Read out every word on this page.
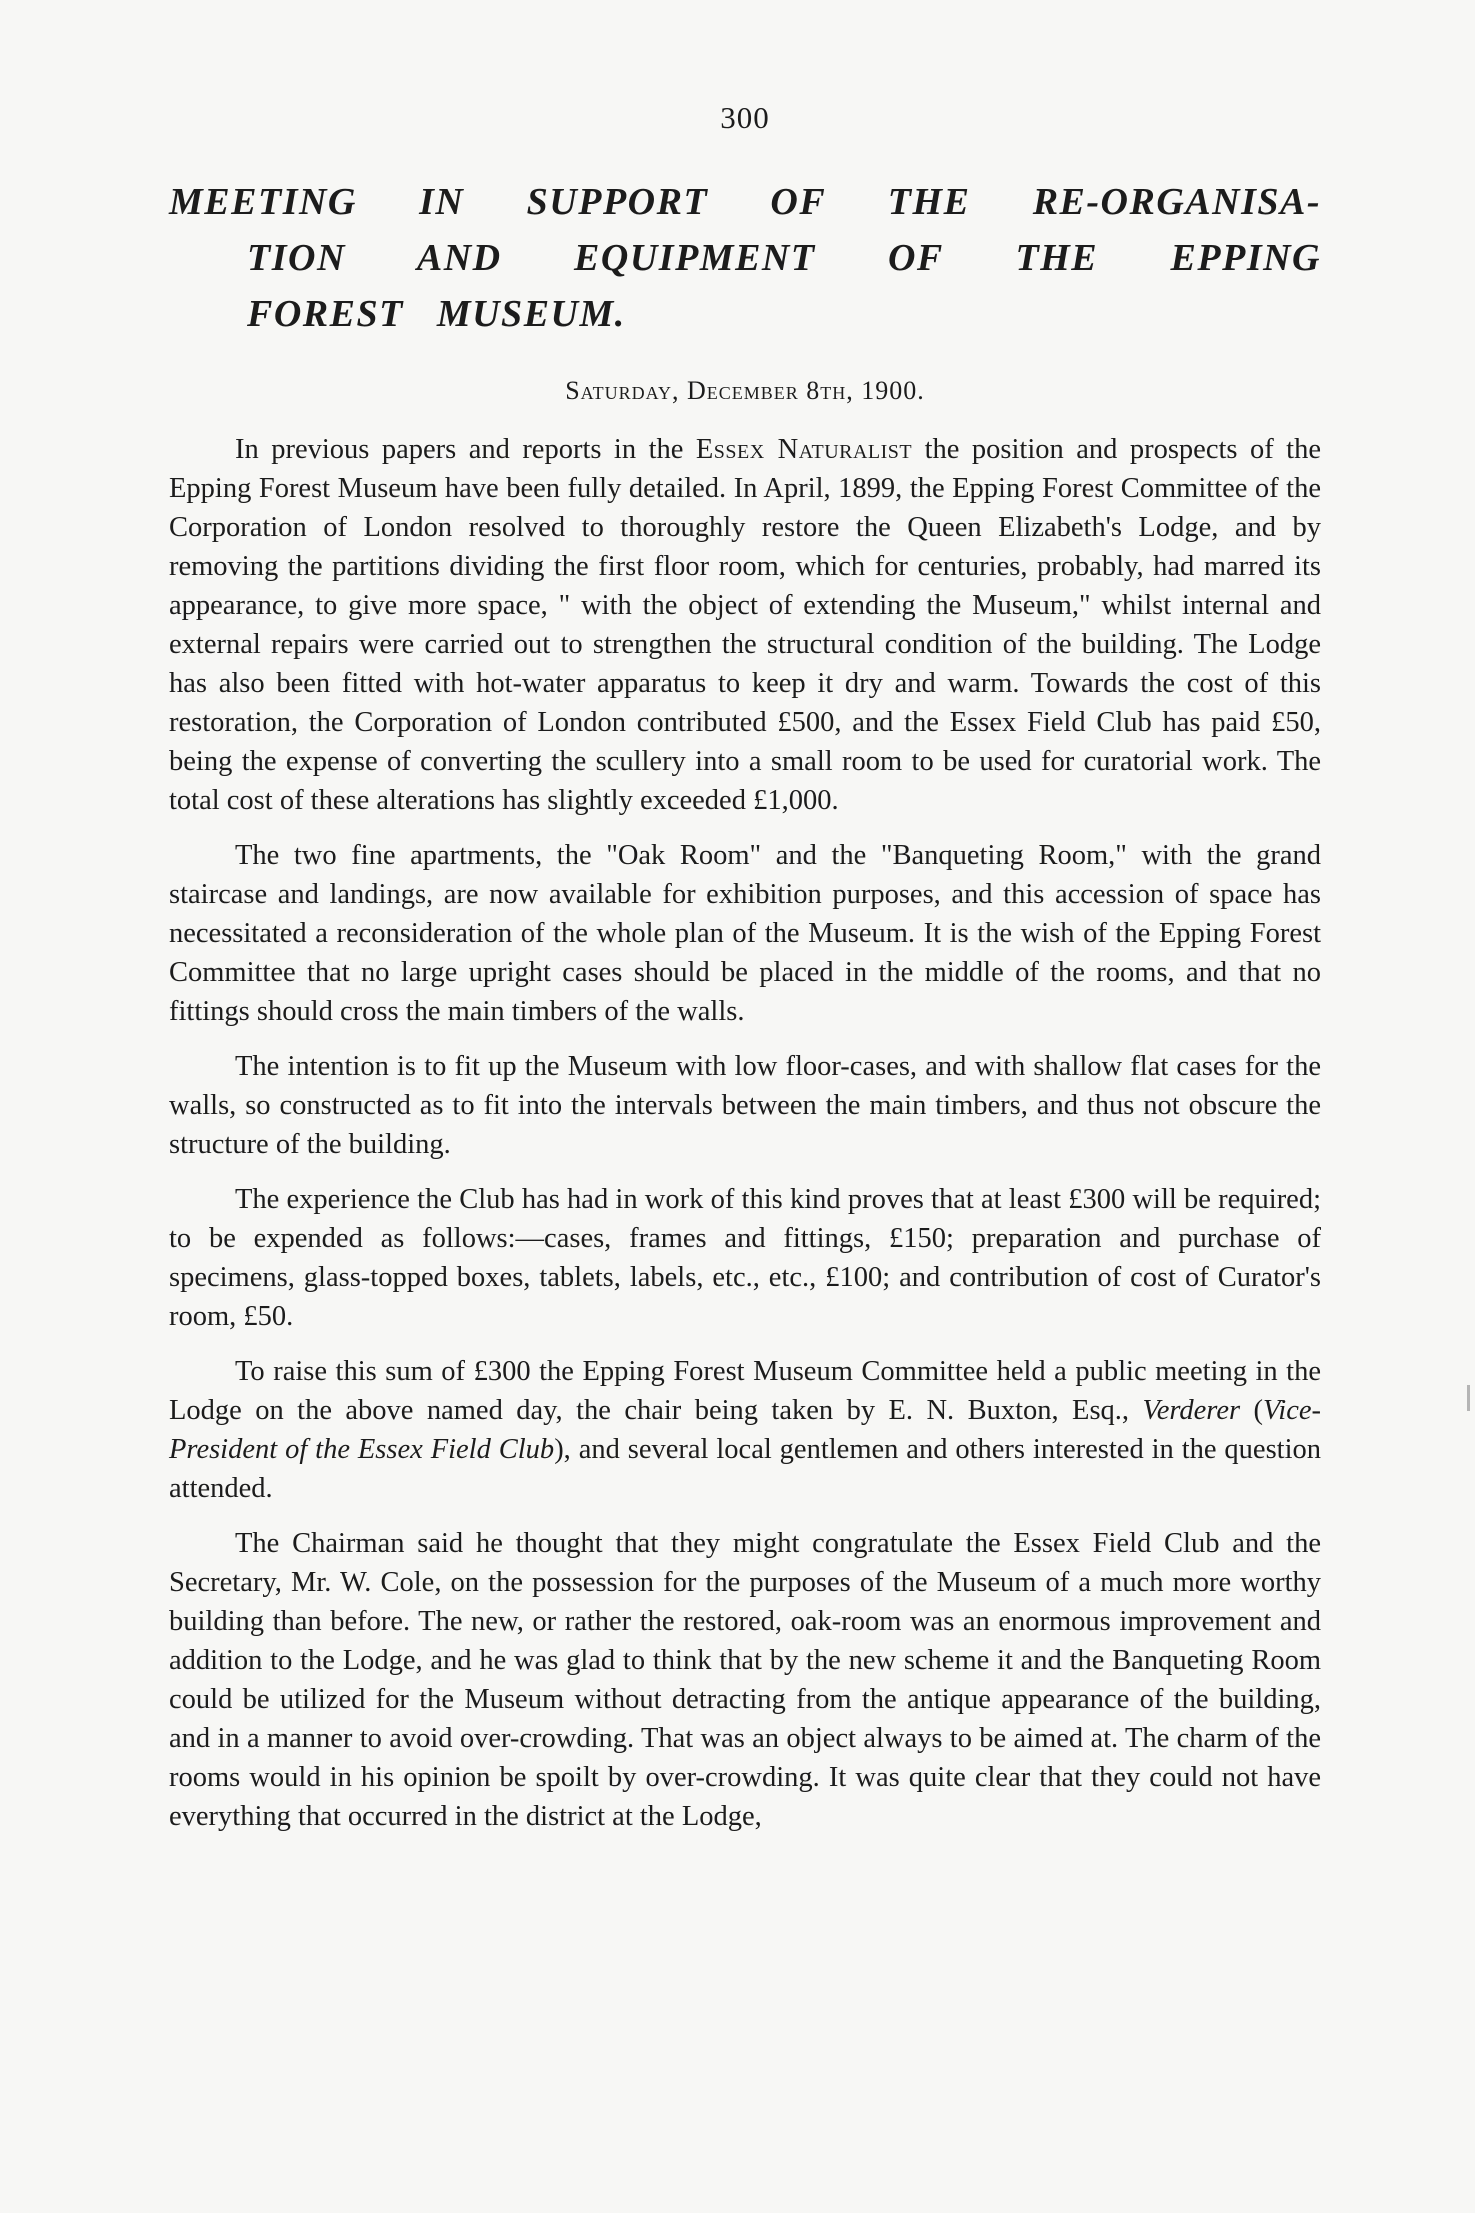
300
MEETING IN SUPPORT OF THE RE-ORGANISA-
TION AND EQUIPMENT OF THE EPPING
FOREST MUSEUM.
Saturday, December 8th, 1900.

In previous papers and reports in the Essex Naturalist the position and prospects of the Epping Forest Museum have been fully detailed. In April, 1899, the Epping Forest Committee of the Corporation of London resolved to thoroughly restore the Queen Elizabeth's Lodge, and by removing the partitions dividing the first floor room, which for centuries, probably, had marred its appearance, to give more space, " with the object of extending the Museum," whilst internal and external repairs were carried out to strengthen the structural condition of the building. The Lodge has also been fitted with hot-water apparatus to keep it dry and warm. Towards the cost of this restoration, the Corporation of London contributed £500, and the Essex Field Club has paid £50, being the expense of converting the scullery into a small room to be used for curatorial work. The total cost of these alterations has slightly exceeded £1,000.

The two fine apartments, the "Oak Room" and the "Banqueting Room," with the grand staircase and landings, are now available for exhibition purposes, and this accession of space has necessitated a reconsideration of the whole plan of the Museum. It is the wish of the Epping Forest Committee that no large upright cases should be placed in the middle of the rooms, and that no fittings should cross the main timbers of the walls.

The intention is to fit up the Museum with low floor-cases, and with shallow flat cases for the walls, so constructed as to fit into the intervals between the main timbers, and thus not obscure the structure of the building.

The experience the Club has had in work of this kind proves that at least £300 will be required; to be expended as follows:—cases, frames and fittings, £150; preparation and purchase of specimens, glass-topped boxes, tablets, labels, etc., etc., £100; and contribution of cost of Curator's room, £50.

To raise this sum of £300 the Epping Forest Museum Committee held a public meeting in the Lodge on the above named day, the chair being taken by E. N. Buxton, Esq., Verderer (Vice-President of the Essex Field Club), and several local gentlemen and others interested in the question attended.

The Chairman said he thought that they might congratulate the Essex Field Club and the Secretary, Mr. W. Cole, on the possession for the purposes of the Museum of a much more worthy building than before. The new, or rather the restored, oak-room was an enormous improvement and addition to the Lodge, and he was glad to think that by the new scheme it and the Banqueting Room could be utilized for the Museum without detracting from the antique appearance of the building, and in a manner to avoid over-crowding. That was an object always to be aimed at. The charm of the rooms would in his opinion be spoilt by over-crowding. It was quite clear that they could not have everything that occurred in the district at the Lodge,
